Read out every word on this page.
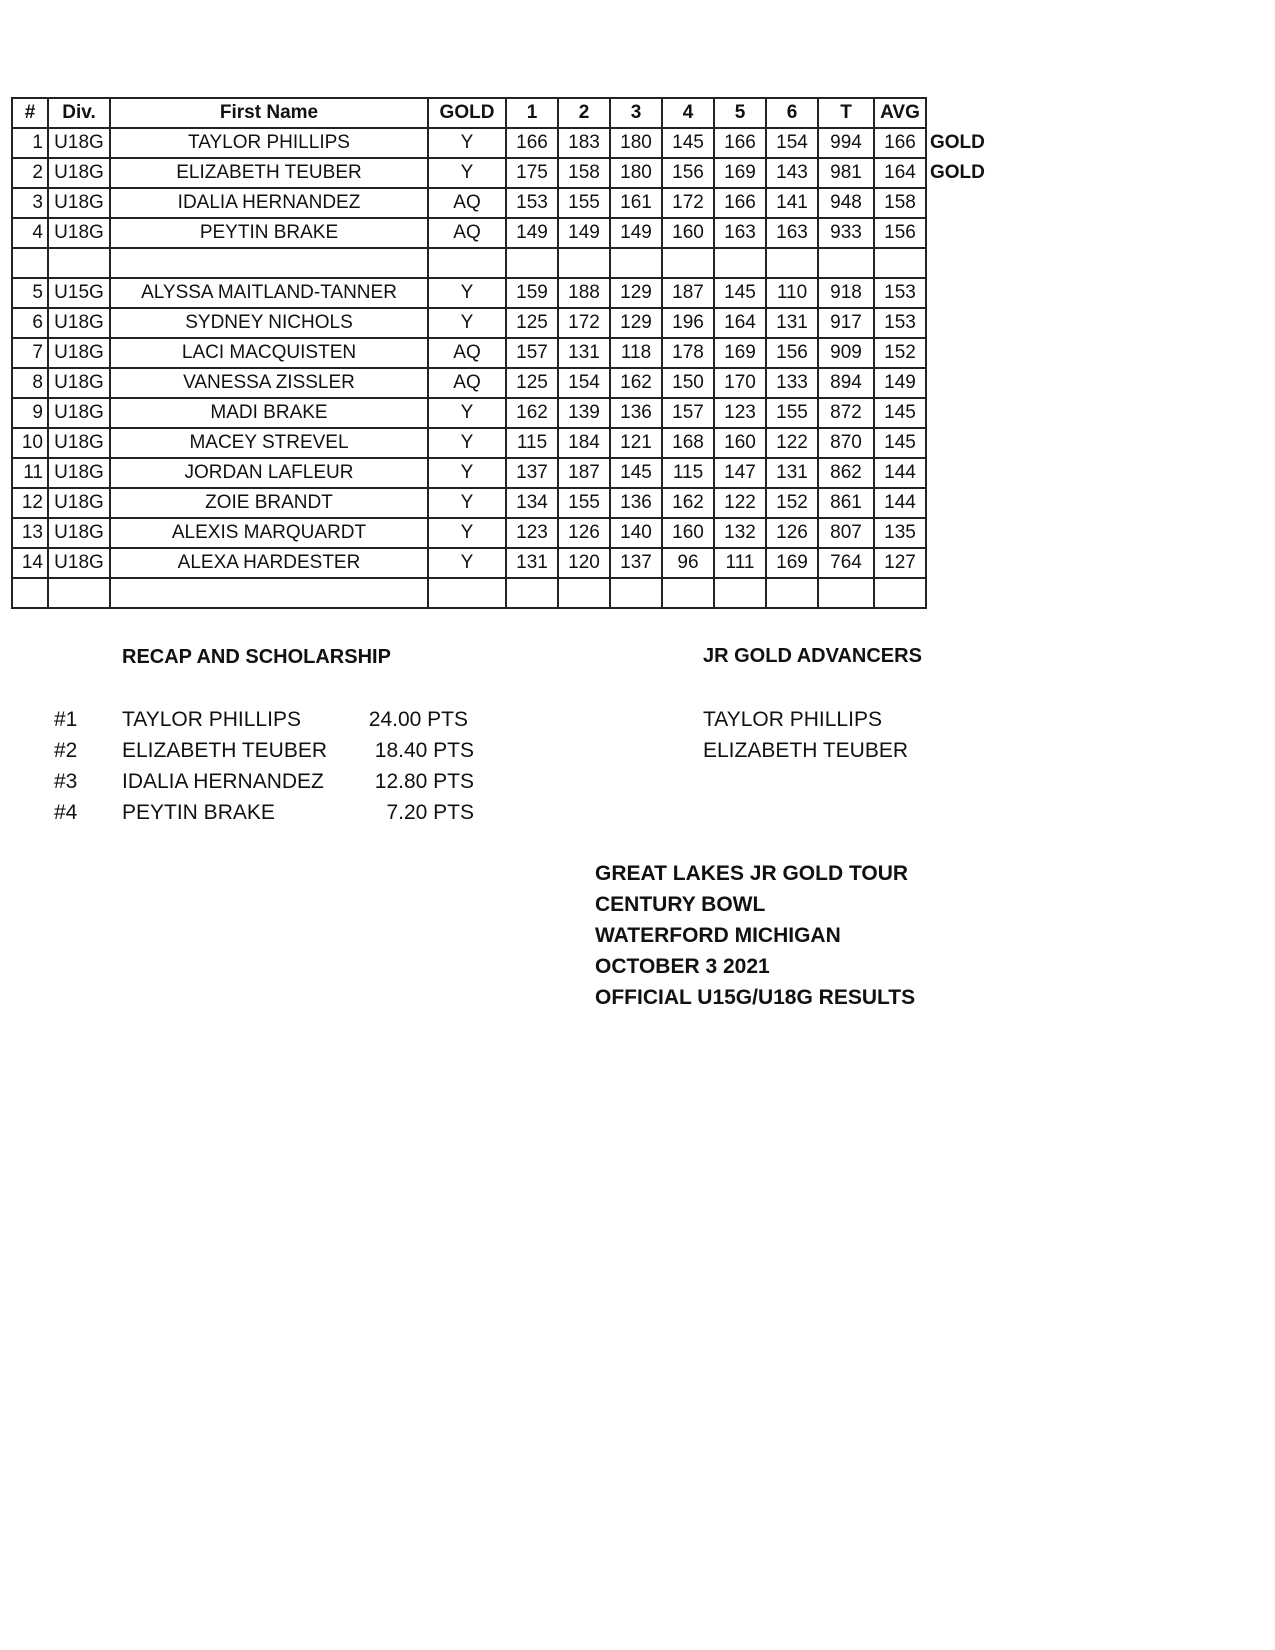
#	Div.	First Name	GOLD	1	2	3	4	5	6	T	AVG	
1	U18G	TAYLOR PHILLIPS	Y	166	183	180	145	166	154	994	166	GOLD
2	U18G	ELIZABETH TEUBER	Y	175	158	180	156	169	143	981	164	GOLD
3	U18G	IDALIA HERNANDEZ	AQ	153	155	161	172	166	141	948	158	
4	U18G	PEYTIN BRAKE	AQ	149	149	149	160	163	163	933	156	

5	U15G	ALYSSA MAITLAND-TANNER	Y	159	188	129	187	145	110	918	153	
6	U18G	SYDNEY NICHOLS	Y	125	172	129	196	164	131	917	153	
7	U18G	LACI MACQUISTEN	AQ	157	131	118	178	169	156	909	152	
8	U18G	VANESSA ZISSLER	AQ	125	154	162	150	170	133	894	149	
9	U18G	MADI BRAKE	Y	162	139	136	157	123	155	872	145	
10	U18G	MACEY STREVEL	Y	115	184	121	168	160	122	870	145	
11	U18G	JORDAN LAFLEUR	Y	137	187	145	115	147	131	862	144	
12	U18G	ZOIE BRANDT	Y	134	155	136	162	122	152	861	144	
13	U18G	ALEXIS MARQUARDT	Y	123	126	140	160	132	126	807	135	
14	U18G	ALEXA HARDESTER	Y	131	120	137	96	111	169	764	127	

RECAP AND SCHOLARSHIP	JR GOLD ADVANCERS
#1 TAYLOR PHILLIPS	24.00 PTS
#2 ELIZABETH TEUBER 18.40 PTS
#3 IDALIA HERNANDEZ 12.80 PTS
#4 PEYTIN BRAKE	7.20 PTS
TAYLOR PHILLIPS
ELIZABETH TEUBER
GREAT LAKES JR GOLD TOUR
CENTURY BOWL
WATERFORD MICHIGAN
OCTOBER 3 2021
OFFICIAL U15G/U18G RESULTS
